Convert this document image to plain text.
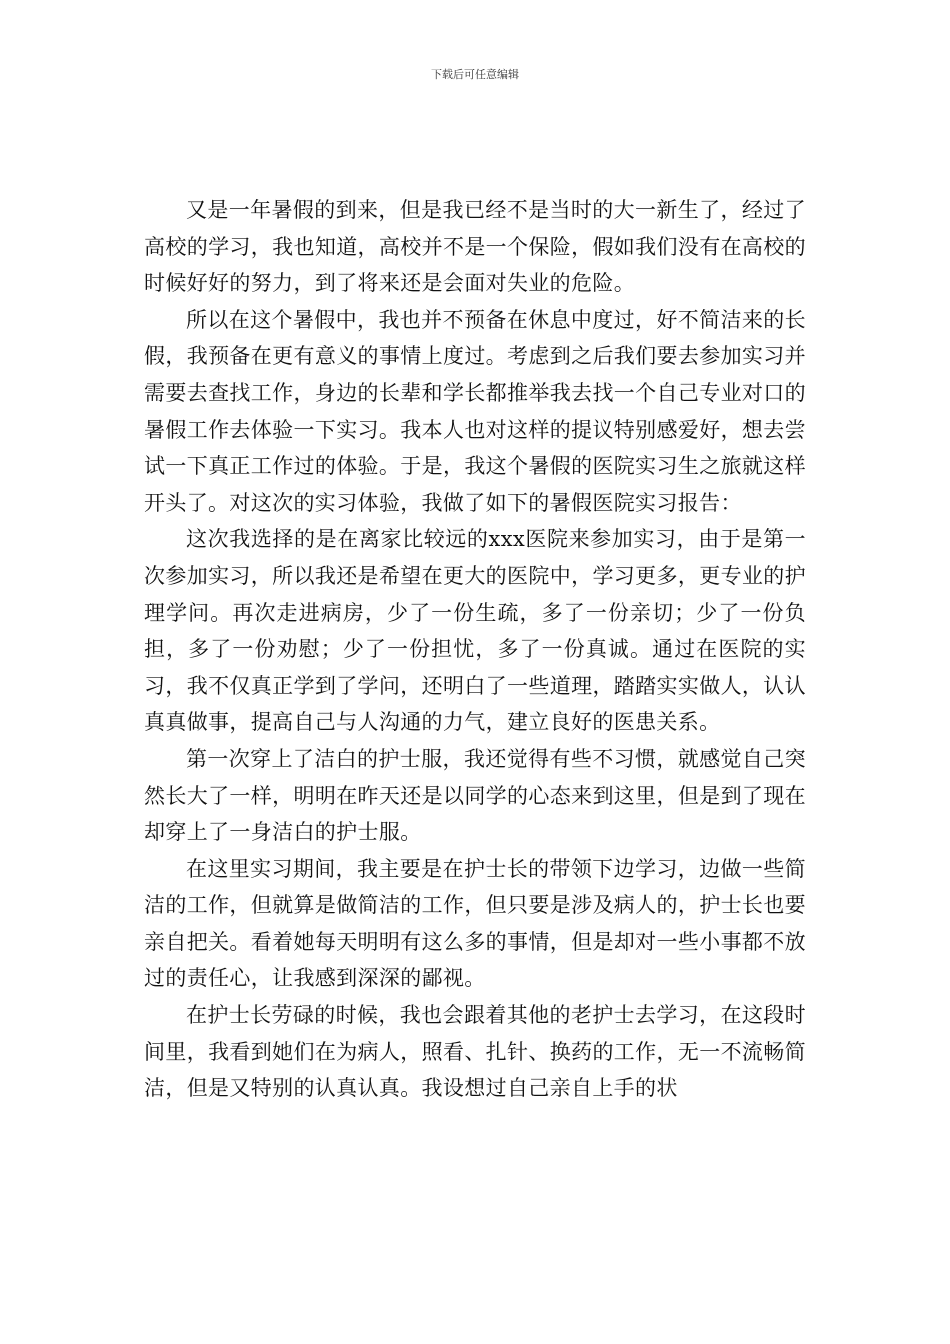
下载后可任意编辑

又是一年暑假的到来，但是我已经不是当时的大一新生了，经过了高校的学习，我也知道，高校并不是一个保险，假如我们没有在高校的时候好好的努力，到了将来还是会面对失业的危险。

所以在这个暑假中，我也并不预备在休息中度过，好不简洁来的长假，我预备在更有意义的事情上度过。考虑到之后我们要去参加实习并需要去查找工作，身边的长辈和学长都推举我去找一个自己专业对口的暑假工作去体验一下实习。我本人也对这样的提议特别感爱好，想去尝试一下真正工作过的体验。于是，我这个暑假的医院实习生之旅就这样开头了。对这次的实习体验，我做了如下的暑假医院实习报告：

这次我选择的是在离家比较远的xxx医院来参加实习，由于是第一次参加实习，所以我还是希望在更大的医院中，学习更多，更专业的护理学问。再次走进病房，少了一份生疏，多了一份亲切；少了一份负担，多了一份劝慰；少了一份担忧，多了一份真诚。通过在医院的实习，我不仅真正学到了学问，还明白了一些道理，踏踏实实做人，认认真真做事，提高自己与人沟通的力气，建立良好的医患关系。

第一次穿上了洁白的护士服，我还觉得有些不习惯，就感觉自己突然长大了一样，明明在昨天还是以同学的心态来到这里，但是到了现在却穿上了一身洁白的护士服。

在这里实习期间，我主要是在护士长的带领下边学习，边做一些简洁的工作，但就算是做简洁的工作，但只要是涉及病人的，护士长也要亲自把关。看着她每天明明有这么多的事情，但是却对一些小事都不放过的责任心，让我感到深深的鄙视。

在护士长劳碌的时候，我也会跟着其他的老护士去学习，在这段时间里，我看到她们在为病人，照看、扎针、换药的工作，无一不流畅简洁，但是又特别的认真认真。我设想过自己亲自上手的状
